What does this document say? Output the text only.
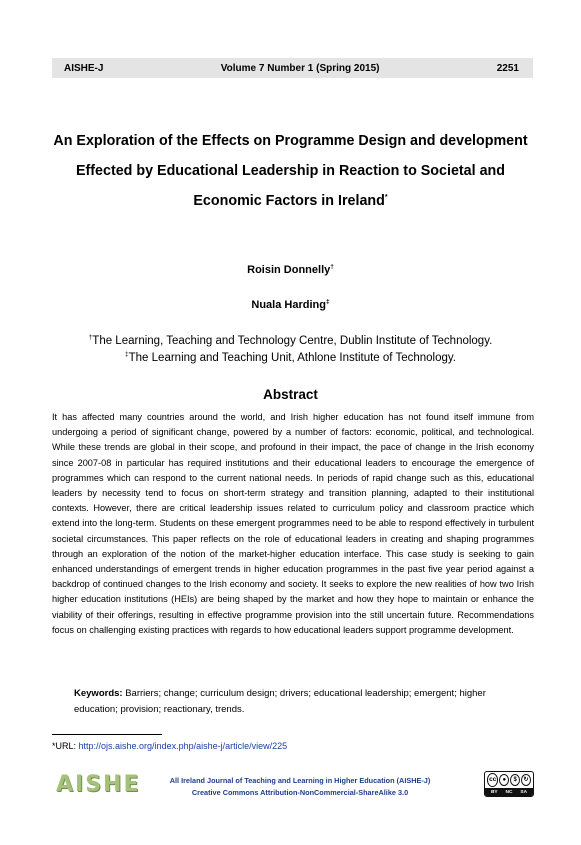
AISHE-J	Volume 7 Number 1 (Spring 2015)	2251
An Exploration of the Effects on Programme Design and development
Effected by Educational Leadership in Reaction to Societal and
Economic Factors in Ireland*
Roisin Donnelly†
Nuala Harding‡
†The Learning, Teaching and Technology Centre, Dublin Institute of Technology.
‡The Learning and Teaching Unit, Athlone Institute of Technology.
Abstract

It has affected many countries around the world, and Irish higher education has not found itself immune from undergoing a period of significant change, powered by a number of factors: economic, political, and technological. While these trends are global in their scope, and profound in their impact, the pace of change in the Irish economy since 2007-08 in particular has required institutions and their educational leaders to encourage the emergence of programmes which can respond to the current national needs. In periods of rapid change such as this, educational leaders by necessity tend to focus on short-term strategy and transition planning, adapted to their institutional contexts. However, there are critical leadership issues related to curriculum policy and classroom practice which extend into the long-term. Students on these emergent programmes need to be able to respond effectively in turbulent societal circumstances. This paper reflects on the role of educational leaders in creating and shaping programmes through an exploration of the notion of the market-higher education interface. This case study is seeking to gain enhanced understandings of emergent trends in higher education programmes in the past five year period against a backdrop of continued changes to the Irish economy and society. It seeks to explore the new realities of how two Irish higher education institutions (HEIs) are being shaped by the market and how they hope to maintain or enhance the viability of their offerings, resulting in effective programme provision into the still uncertain future. Recommendations focus on challenging existing practices with regards to how educational leaders support programme development.

Keywords: Barriers; change; curriculum design; drivers; educational leadership; emergent; higher education; provision; reactionary, trends.

*URL: http://ojs.aishe.org/index.php/aishe-j/article/view/225
AISHE	All Ireland Journal of Teaching and Learning in Higher Education (AISHE-J)
Creative Commons Attribution-NonCommercial-ShareAlike 3.0
cc	●	$	↻
BY NC SA
